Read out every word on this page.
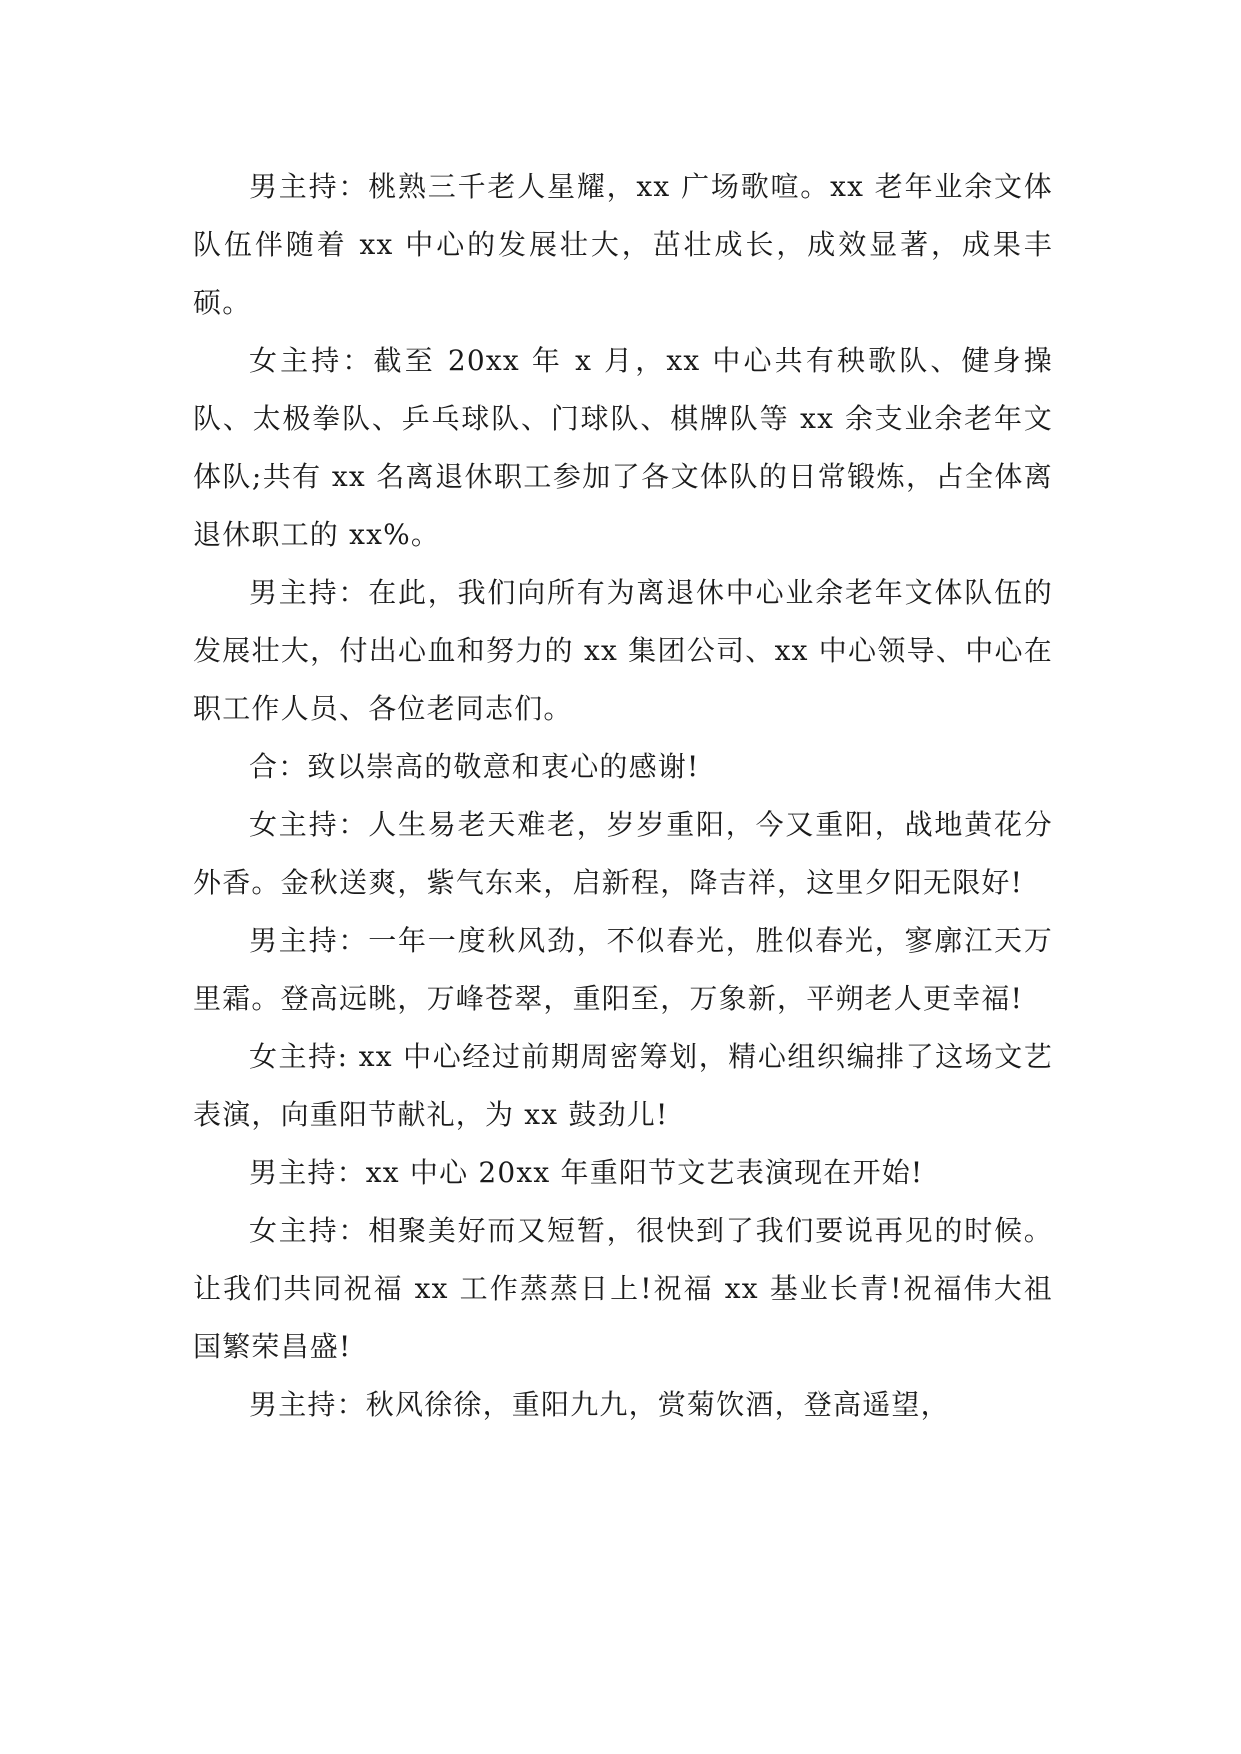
男主持：桃熟三千老人星耀，xx 广场歌喧。xx 老年业余文体队伍伴随着 xx 中心的发展壮大，茁壮成长，成效显著，成果丰硕。

女主持：截至 20xx 年 x 月，xx 中心共有秧歌队、健身操队、太极拳队、乒乓球队、门球队、棋牌队等 xx 余支业余老年文体队;共有 xx 名离退休职工参加了各文体队的日常锻炼，占全体离退休职工的 xx%。

男主持：在此，我们向所有为离退休中心业余老年文体队伍的发展壮大，付出心血和努力的 xx 集团公司、xx 中心领导、中心在职工作人员、各位老同志们。

合：致以崇高的敬意和衷心的感谢!

女主持：人生易老天难老，岁岁重阳，今又重阳，战地黄花分外香。金秋送爽，紫气东来，启新程，降吉祥，这里夕阳无限好!

男主持：一年一度秋风劲，不似春光，胜似春光，寥廓江天万里霜。登高远眺，万峰苍翠，重阳至，万象新，平朔老人更幸福!

女主持: xx 中心经过前期周密筹划，精心组织编排了这场文艺表演，向重阳节献礼，为 xx 鼓劲儿!

男主持：xx 中心 20xx 年重阳节文艺表演现在开始!

女主持：相聚美好而又短暂，很快到了我们要说再见的时候。让我们共同祝福 xx 工作蒸蒸日上!祝福 xx 基业长青!祝福伟大祖国繁荣昌盛!

男主持：秋风徐徐，重阳九九，赏菊饮酒，登高遥望，
